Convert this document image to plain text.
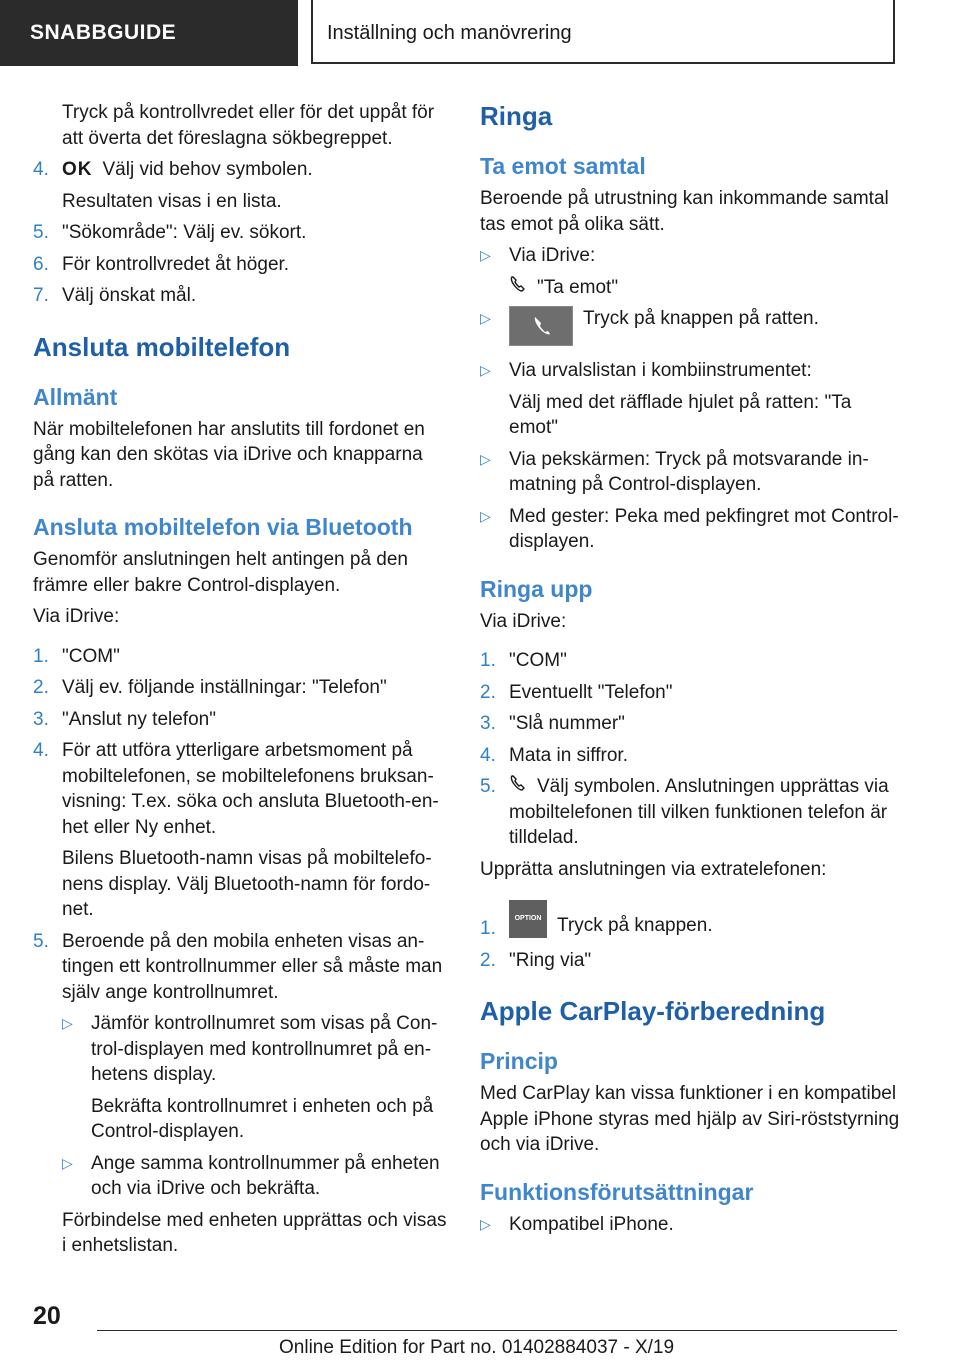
SNABBGUIDE	Inställning och manövrering

Tryck på kontrollvredet eller för det uppåt för att överta det föreslagna sökbegreppet.

4. OK Välj vid behov symbolen.

Resultaten visas i en lista.

5. "Sökområde": Välj ev. sökort.
6. För kontrollvredet åt höger.
7. Välj önskat mål.
Ansluta mobiltelefon
Allmänt

När mobiltelefonen har anslutits till fordonet en gång kan den skötas via iDrive och knapparna på ratten.

Ansluta mobiltelefon via Bluetooth

Genomför anslutningen helt antingen på den främre eller bakre Control-displayen.

Via iDrive:

1. "COM"
2. Välj ev. följande inställningar: "Telefon"
3. "Anslut ny telefon"
4. För att utföra ytterligare arbetsmoment på mobiltelefonen, se mobiltelefonens bruksanvisning: T.ex. söka och ansluta Bluetooth-enhet eller Ny enhet.

Bilens Bluetooth-namn visas på mobiltelefonens display. Välj Bluetooth-namn för fordonet.

5. Beroende på den mobila enheten visas antingen ett kontrollnummer eller så måste man själv ange kontrollnumret.
▷ Jämför kontrollnumret som visas på Control-displayen med kontrollnumret på enhetens display.

Bekräfta kontrollnumret i enheten och på Control-displayen.

▷ Ange samma kontrollnummer på enheten och via iDrive och bekräfta.

Förbindelse med enheten upprättas och visas i enhetslistan.

Ringa
Ta emot samtal

Beroende på utrustning kan inkommande samtal tas emot på olika sätt.

▷ Via iDrive:

"Ta emot"

▷	Tryck på knappen på ratten.
▷ Via urvalslistan i kombiinstrumentet:

Välj med det räfflade hjulet på ratten: "Ta emot"

▷ Via pekskärmen: Tryck på motsvarande inmatning på Control-displayen.
▷ Med gester: Peka med pekfingret mot Control-displayen.
Ringa upp

Via iDrive:

1. "COM"
2. Eventuellt "Telefon"
3. "Slå nummer"
4. Mata in siffror.
5.	Välj symbolen. Anslutningen upprättas via mobiltelefonen till vilken funktionen telefon är tilldelad.

Upprätta anslutningen via extratelefonen:

1.	OPTION Tryck på knappen.
2. "Ring via"
Apple CarPlay-förberedning
Princip

Med CarPlay kan vissa funktioner i en kompatibel Apple iPhone styras med hjälp av Siri-röststyrning och via iDrive.

Funktionsförutsättningar
▷ Kompatibel iPhone.
20
Online Edition for Part no. 01402884037 - X/19
